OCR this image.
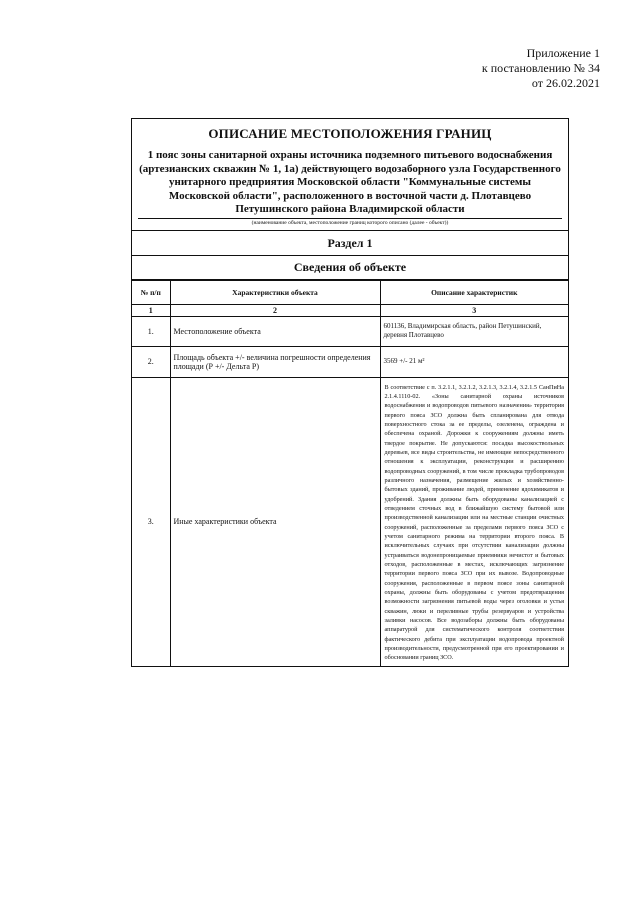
Приложение 1
к постановлению № 34
от 26.02.2021
ОПИСАНИЕ МЕСТОПОЛОЖЕНИЯ ГРАНИЦ
1 пояс зоны санитарной охраны источника подземного питьевого водоснабжения (артезианских скважин № 1, 1а) действующего водозаборного узла Государственного унитарного предприятия Московской области "Коммунальные системы Московской области", расположенного в восточной части д. Плотавцево Петушинского района Владимирской области
(наименование объекта, местоположение границ которого описано (далее - объект))
Раздел 1
Сведения об объекте
№ п/п	Характеристики объекта	Описание характеристик
1	2	3
1.	Местоположение объекта	601136, Владимирская область, район Петушинский, деревня Плотавцево
2.	Площадь объекта +/- величина погрешности определения площади (Р +/- Дельта Р)	3569 +/- 21 м²
3.	Иные характеристики объекта	В соответствие с п. 3.2.1.1, 3.2.1.2, 3.2.1.3, 3.2.1.4, 3.2.1.5 СанПиНа 2.1.4.1110-02. «Зоны санитарной охраны источников водоснабжения и водопроводов питьевого назначения» территория первого пояса ЗСО должна быть спланирована для отвода поверхностного стока за ее пределы, озеленена, ограждена и обеспечена охраной. Дорожки к сооружениям должны иметь твердое покрытие. Не допускаются: посадка высокоствольных деревьев, все виды строительства, не имеющие непосредственного отношения к эксплуатации, реконструкции и расширению водопроводных сооружений, в том числе прокладка трубопроводов различного назначения, размещение жилых и хозяйственно-бытовых зданий, проживание людей, применение ядохимикатов и удобрений. Здания должны быть оборудованы канализацией с отведением сточных вод в ближайшую систему бытовой или производственной канализации или на местные станции очистных сооружений, расположенные за пределами первого пояса ЗСО с учетом санитарного режима на территории второго пояса. В исключительных случаях при отсутствии канализации должны устраиваться водонепроницаемые приемники нечистот и бытовых отходов, расположенные в местах, исключающих загрязнение территории первого пояса ЗСО при их вывозе. Водопроводные сооружения, расположенные в первом поясе зоны санитарной охраны, должны быть оборудованы с учетом предотвращения возможности загрязнения питьевой воды через оголовки и устья скважин, люки и переливные трубы резервуаров и устройства заливки насосов. Все водозаборы должны быть оборудованы аппаратурой для систематического контроля соответствия фактического дебита при эксплуатации водопровода проектной производительности, предусмотренной при его проектировании и обосновании границ ЗСО.
